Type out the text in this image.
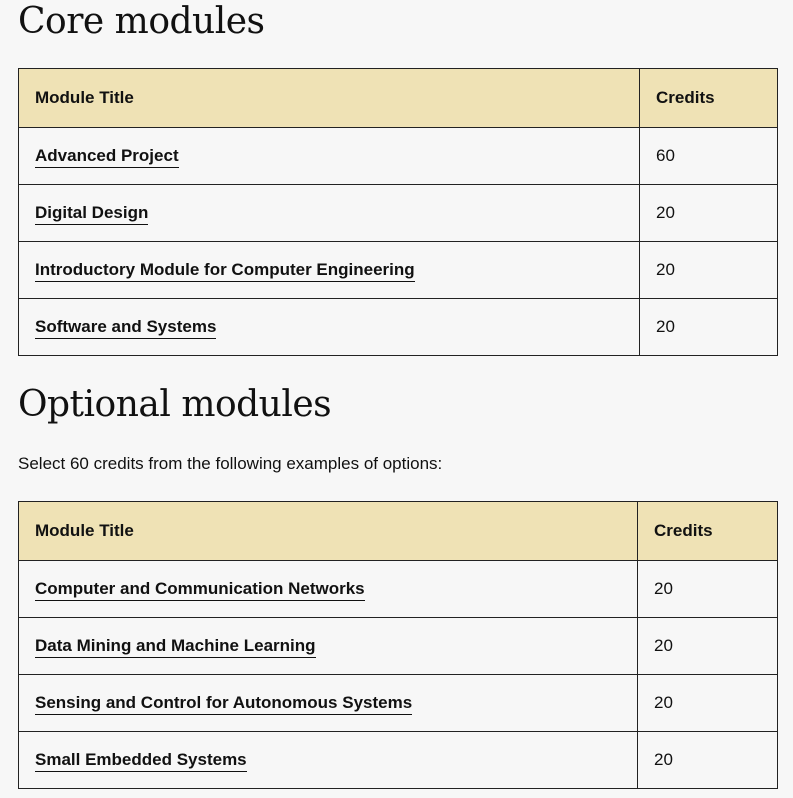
Core modules
Module Title	Credits
Advanced Project	60
Digital Design	20
Introductory Module for Computer Engineering	20
Software and Systems	20
Optional modules

Select 60 credits from the following examples of options:

Module Title	Credits
Computer and Communication Networks	20
Data Mining and Machine Learning	20
Sensing and Control for Autonomous Systems	20
Small Embedded Systems	20
